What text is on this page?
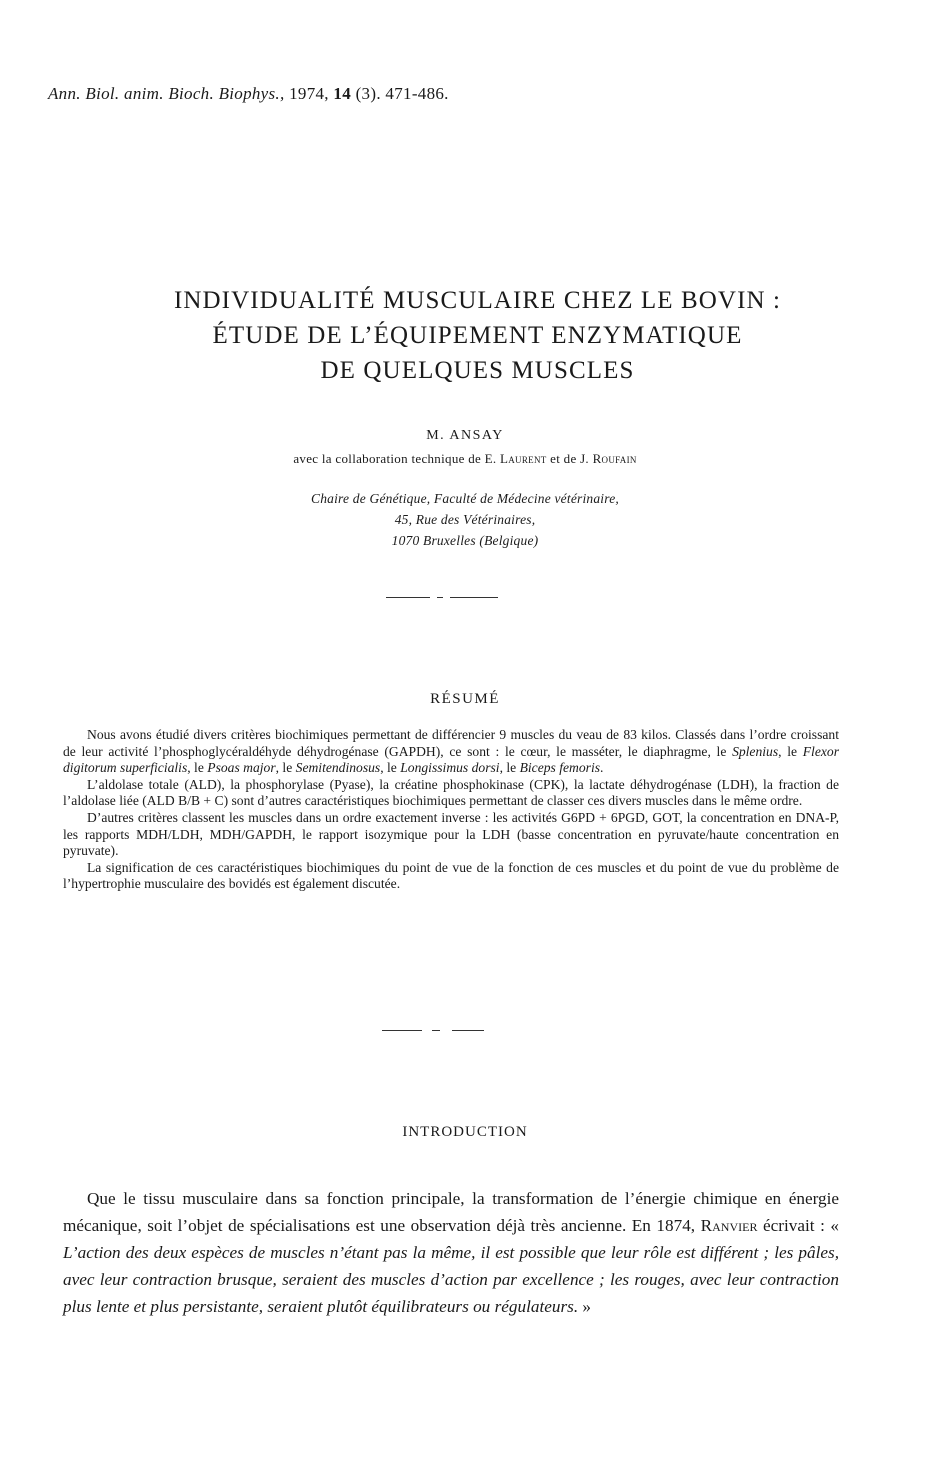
Ann. Biol. anim. Bioch. Biophys., 1974, 14 (3). 471-486.
INDIVIDUALITÉ MUSCULAIRE CHEZ LE BOVIN :
ÉTUDE DE L’ÉQUIPEMENT ENZYMATIQUE
DE QUELQUES MUSCLES
M. ANSAY
avec la collaboration technique de E. Laurent et de J. Roufain
Chaire de Génétique, Faculté de Médecine vétérinaire,
45, Rue des Vétérinaires,
1070 Bruxelles (Belgique)
RÉSUMÉ

Nous avons étudié divers critères biochimiques permettant de différencier 9 muscles du veau de 83 kilos. Classés dans l’ordre croissant de leur activité l’phosphoglycéraldéhyde déhydrogénase (GAPDH), ce sont : le cœur, le masséter, le diaphragme, le Splenius, le Flexor digitorum superficialis, le Psoas major, le Semitendinosus, le Longissimus dorsi, le Biceps femoris.

L’aldolase totale (ALD), la phosphorylase (Pyase), la créatine phosphokinase (CPK), la lactate déhydrogénase (LDH), la fraction de l’aldolase liée (ALD B/B + C) sont d’autres caractéristiques biochimiques permettant de classer ces divers muscles dans le même ordre.

D’autres critères classent les muscles dans un ordre exactement inverse : les activités G6PD + 6PGD, GOT, la concentration en DNA-P, les rapports MDH/LDH, MDH/GAPDH, le rapport isozymique pour la LDH (basse concentration en pyruvate/haute concentration en pyruvate).

La signification de ces caractéristiques biochimiques du point de vue de la fonction de ces muscles et du point de vue du problème de l’hypertrophie musculaire des bovidés est également discutée.

INTRODUCTION

Que le tissu musculaire dans sa fonction principale, la transformation de l’énergie chimique en énergie mécanique, soit l’objet de spécialisations est une observation déjà très ancienne. En 1874, Ranvier écrivait : « L’action des deux espèces de muscles n’étant pas la même, il est possible que leur rôle est différent ; les pâles, avec leur contraction brusque, seraient des muscles d’action par excellence ; les rouges, avec leur contraction plus lente et plus persistante, seraient plutôt équilibrateurs ou régulateurs. »
